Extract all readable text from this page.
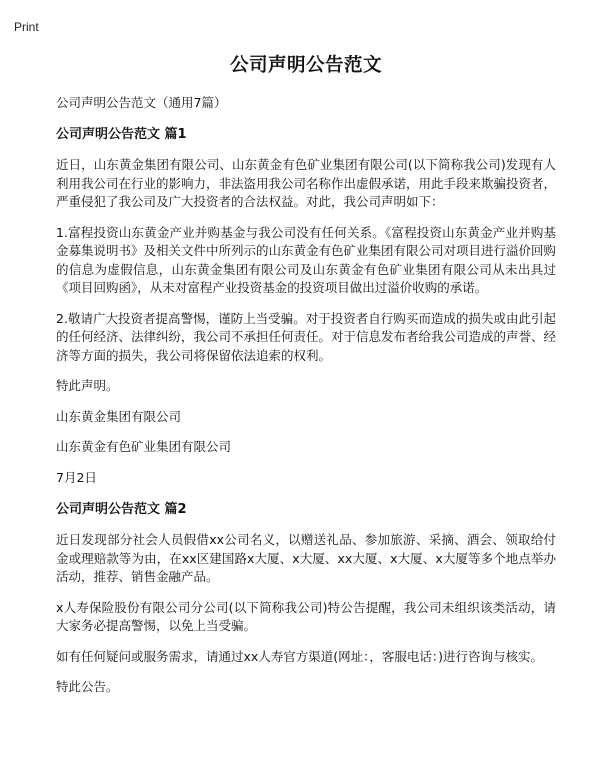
Print
公司声明公告范文
公司声明公告范文（通用7篇）
公司声明公告范文 篇1
近日，山东黄金集团有限公司、山东黄金有色矿业集团有限公司(以下简称我公司)发现有人利用我公司在行业的影响力，非法盗用我公司名称作出虚假承诺，用此手段来欺骗投资者，严重侵犯了我公司及广大投资者的合法权益。对此，我公司声明如下：
1.富程投资山东黄金产业并购基金与我公司没有任何关系。《富程投资山东黄金产业并购基金募集说明书》及相关文件中所列示的山东黄金有色矿业集团有限公司对项目进行溢价回购的信息为虚假信息，山东黄金集团有限公司及山东黄金有色矿业集团有限公司从未出具过《项目回购函》，从未对富程产业投资基金的投资项目做出过溢价收购的承诺。
2.敬请广大投资者提高警惕，谨防上当受骗。对于投资者自行购买而造成的损失或由此引起的任何经济、法律纠纷，我公司不承担任何责任。对于信息发布者给我公司造成的声誉、经济等方面的损失，我公司将保留依法追索的权利。
特此声明。
山东黄金集团有限公司
山东黄金有色矿业集团有限公司
7月2日
公司声明公告范文 篇2
近日发现部分社会人员假借xx公司名义，以赠送礼品、参加旅游、采摘、酒会、领取给付金或理赔款等为由，在xx区建国路x大厦、x大厦、xx大厦、x大厦、x大厦等多个地点举办活动，推荐、销售金融产品。
x人寿保险股份有限公司分公司(以下简称我公司)特公告提醒，我公司未组织该类活动，请大家务必提高警惕，以免上当受骗。
如有任何疑问或服务需求，请通过xx人寿官方渠道(网址：，客服电话：)进行咨询与核实。
特此公告。
